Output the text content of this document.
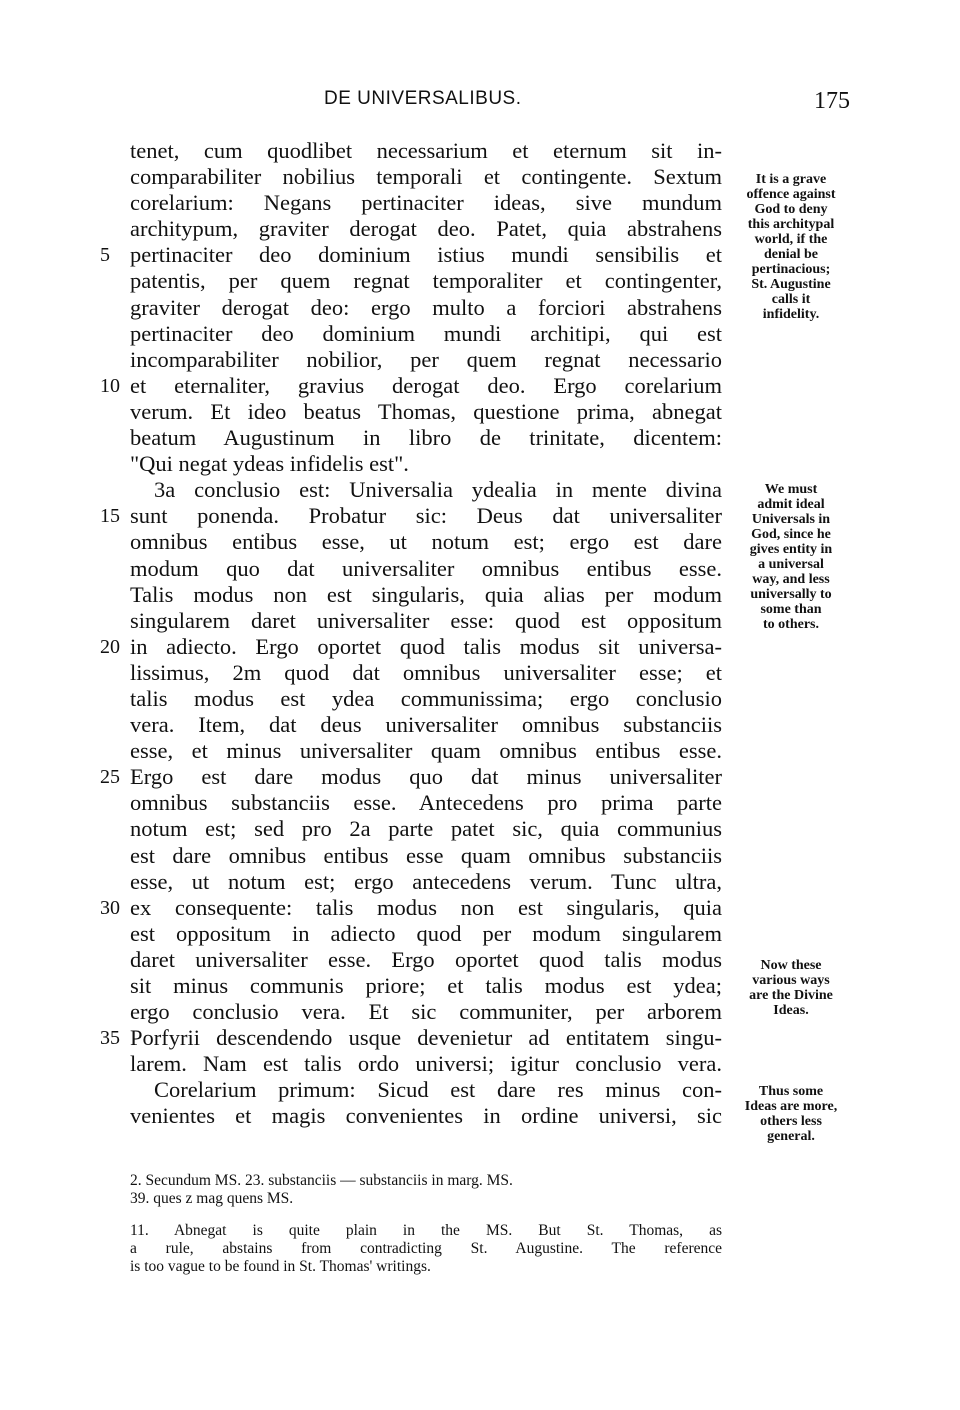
DE UNIVERSALIBUS.	175
tenet, cum quodlibet necessarium et eternum sit in-
comparabiliter nobilius temporali et contingente. Sextum
corelarium: Negans pertinaciter ideas, sive mundum
architypum, graviter derogat deo. Patet, quia abstrahens
5 pertinaciter deo dominium istius mundi sensibilis et
patentis, per quem regnat temporaliter et contingenter,
graviter derogat deo: ergo multo a forciori abstrahens
pertinaciter deo dominium mundi architipi, qui est
incomparabiliter nobilior, per quem regnat necessario
10 et eternaliter, gravius derogat deo. Ergo corelarium
verum. Et ideo beatus Thomas, questione prima, abnegat
beatum Augustinum in libro de trinitate, dicentem:
"Qui negat ydeas infidelis est".
3a conclusio est: Universalia ydealia in mente divina
15 sunt ponenda. Probatur sic: Deus dat universaliter
omnibus entibus esse, ut notum est; ergo est dare
modum quo dat universaliter omnibus entibus esse.
Talis modus non est singularis, quia alias per modum
singularem daret universaliter esse: quod est oppositum
20 in adiecto. Ergo oportet quod talis modus sit universa-
lissimus, 2m quod dat omnibus universaliter esse; et
talis modus est ydea communissima; ergo conclusio
vera. Item, dat deus universaliter omnibus substanciis
esse, et minus universaliter quam omnibus entibus esse.
25 Ergo est dare modus quo dat minus universaliter
omnibus substanciis esse. Antecedens pro prima parte
notum est; sed pro 2a parte patet sic, quia communius
est dare omnibus entibus esse quam omnibus substanciis
esse, ut notum est; ergo antecedens verum. Tunc ultra,
30 ex consequente: talis modus non est singularis, quia
est oppositum in adiecto quod per modum singularem
daret universaliter esse. Ergo oportet quod talis modus
sit minus communis priore; et talis modus est ydea;
ergo conclusio vera. Et sic communiter, per arborem
35 Porfyrii descendendo usque devenietur ad entitatem singu-
larem. Nam est talis ordo universi; igitur conclusio vera.
Corelarium primum: Sicud est dare res minus con-
venientes et magis convenientes in ordine universi, sic
It is a grave
offence against
God to deny
this architypal
world, if the
denial be
pertinacious;
St. Augustine
calls it
infidelity.
We must
admit ideal
Universals in
God, since he
gives entity in
a universal
way, and less
universally to
some than
to others.
Now these
various ways
are the Divine
Ideas.
Thus some
Ideas are more,
others less
general.
2. Secundum MS. 23. substanciis — substanciis in marg. MS.
39. ques z mag quens MS.
11. Abnegat is quite plain in the MS. But St. Thomas, as
a rule, abstains from contradicting St. Augustine. The reference
is too vague to be found in St. Thomas' writings.
